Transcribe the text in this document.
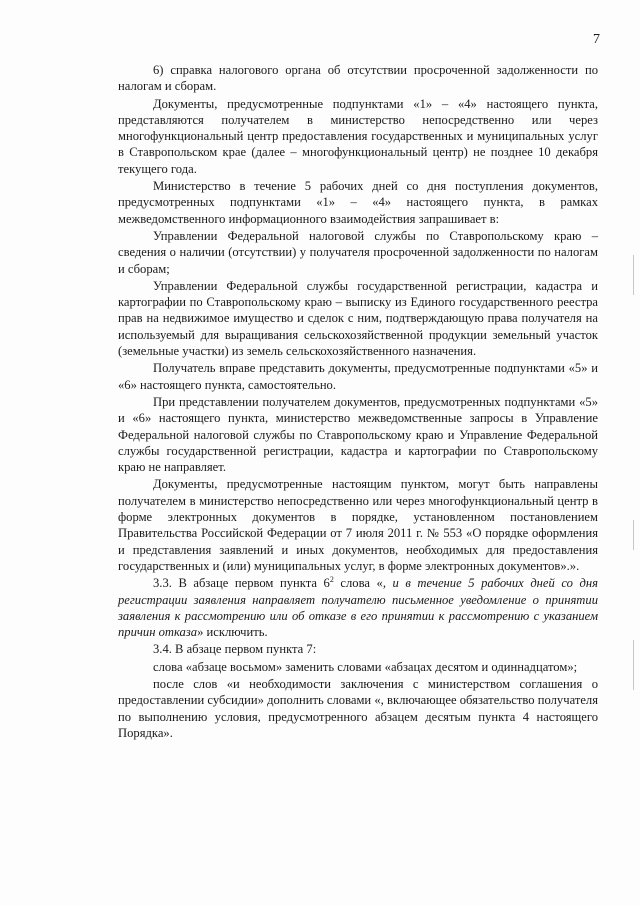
7

6) справка налогового органа об отсутствии просроченной задолженности по налогам и сборам.

Документы, предусмотренные подпунктами «1» – «4» настоящего пункта, представляются получателем в министерство непосредственно или через многофункциональный центр предоставления государственных и муниципальных услуг в Ставропольском крае (далее – многофункциональный центр) не позднее 10 декабря текущего года.

Министерство в течение 5 рабочих дней со дня поступления документов, предусмотренных подпунктами «1» – «4» настоящего пункта, в рамках межведомственного информационного взаимодействия запрашивает в:

Управлении Федеральной налоговой службы по Ставропольскому краю – сведения о наличии (отсутствии) у получателя просроченной задолженности по налогам и сборам;

Управлении Федеральной службы государственной регистрации, кадастра и картографии по Ставропольскому краю – выписку из Единого государственного реестра прав на недвижимое имущество и сделок с ним, подтверждающую права получателя на используемый для выращивания сельскохозяйственной продукции земельный участок (земельные участки) из земель сельскохозяйственного назначения.

Получатель вправе представить документы, предусмотренные подпунктами «5» и «6» настоящего пункта, самостоятельно.

При представлении получателем документов, предусмотренных подпунктами «5» и «6» настоящего пункта, министерство межведомственные запросы в Управление Федеральной налоговой службы по Ставропольскому краю и Управление Федеральной службы государственной регистрации, кадастра и картографии по Ставропольскому краю не направляет.

Документы, предусмотренные настоящим пунктом, могут быть направлены получателем в министерство непосредственно или через многофункциональный центр в форме электронных документов в порядке, установленном постановлением Правительства Российской Федерации от 7 июля 2011 г. № 553 «О порядке оформления и представления заявлений и иных документов, необходимых для предоставления государственных и (или) муниципальных услуг, в форме электронных документов».».

3.3. В абзаце первом пункта $6^2$ слова «, и в течение 5 рабочих дней со дня регистрации заявления направляет получателю письменное уведомление о принятии заявления к рассмотрению или об отказе в его принятии к рассмотрению с указанием причин отказа» исключить.

3.4. В абзаце первом пункта 7:

слова «абзаце восьмом» заменить словами «абзацах десятом и одиннадцатом»;

после слов «и необходимости заключения с министерством соглашения о предоставлении субсидии» дополнить словами «, включающее обязательство получателя по выполнению условия, предусмотренного абзацем десятым пункта 4 настоящего Порядка».
